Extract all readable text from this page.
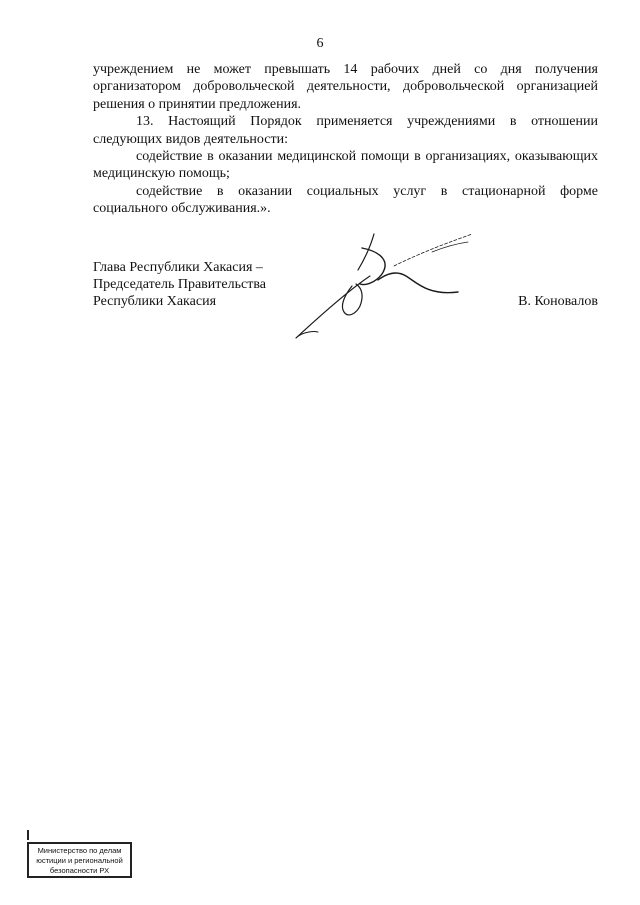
6

учреждением не может превышать 14 рабочих дней со дня получения организатором добровольческой деятельности, добровольческой организацией решения о принятии предложения.

13. Настоящий Порядок применяется учреждениями в отношении следующих видов деятельности:

содействие в оказании медицинской помощи в организациях, оказывающих медицинскую помощь;

содействие в оказании социальных услуг в стационарной форме социального обслуживания.».

Глава Республики Хакасия –
Председатель Правительства
Республики Хакасия	В. Коновалов
Министерство по делам
юстиции и региональной
безопасности РХ
